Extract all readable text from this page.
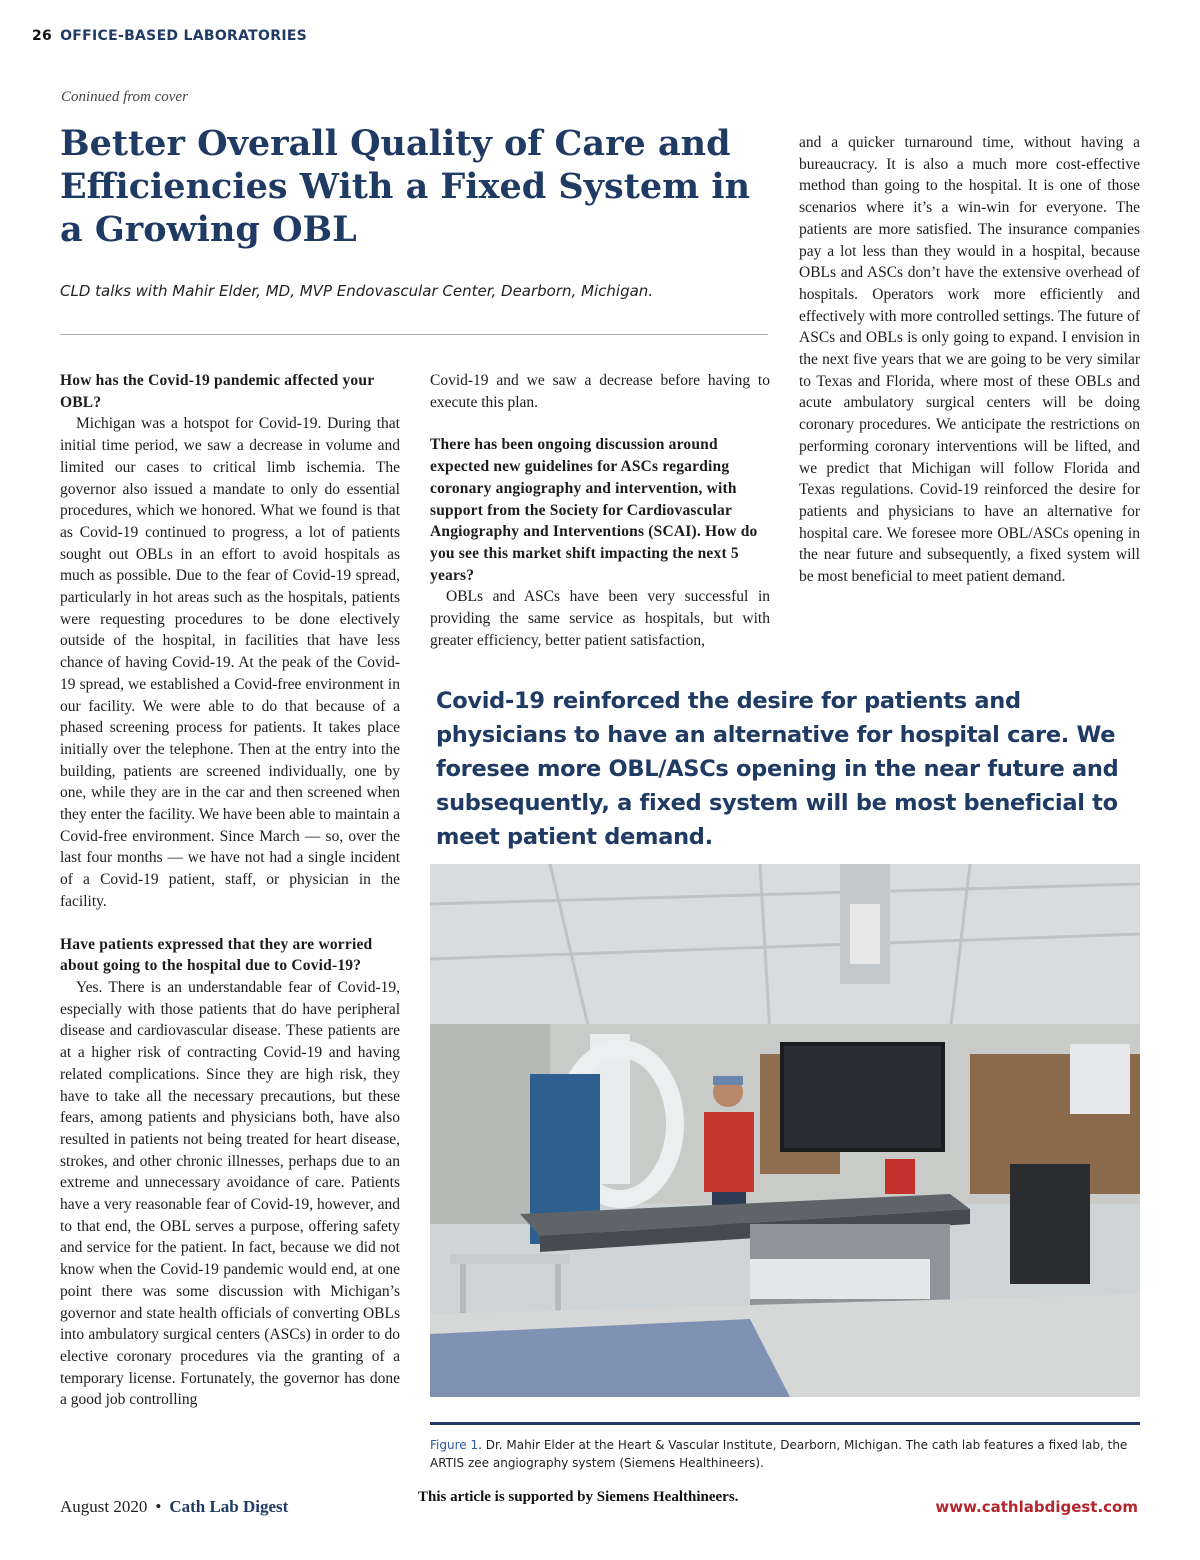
26 OFFICE-BASED LABORATORIES
Coninued from cover
Better Overall Quality of Care and Efficiencies With a Fixed System in a Growing OBL
CLD talks with Mahir Elder, MD, MVP Endovascular Center, Dearborn, Michigan.

How has the Covid-19 pandemic affected your OBL?

Michigan was a hotspot for Covid-19. During that initial time period, we saw a decrease in volume and limited our cases to critical limb ischemia. The governor also issued a mandate to only do essential procedures, which we honored. What we found is that as Covid-19 continued to progress, a lot of patients sought out OBLs in an effort to avoid hospitals as much as possible. Due to the fear of Covid-19 spread, particularly in hot areas such as the hospitals, patients were requesting procedures to be done electively outside of the hospital, in facilities that have less chance of having Covid-19. At the peak of the Covid-19 spread, we established a Covid-free environment in our facility. We were able to do that because of a phased screening process for patients. It takes place initially over the telephone. Then at the entry into the building, patients are screened individually, one by one, while they are in the car and then screened when they enter the facility. We have been able to maintain a Covid-free environment. Since March — so, over the last four months — we have not had a single incident of a Covid-19 patient, staff, or physician in the facility.

Have patients expressed that they are worried about going to the hospital due to Covid-19?

Yes. There is an understandable fear of Covid-19, especially with those patients that do have peripheral disease and cardiovascular disease. These patients are at a higher risk of contracting Covid-19 and having related complications. Since they are high risk, they have to take all the necessary precautions, but these fears, among patients and physicians both, have also resulted in patients not being treated for heart disease, strokes, and other chronic illnesses, perhaps due to an extreme and unnecessary avoidance of care. Patients have a very reasonable fear of Covid-19, however, and to that end, the OBL serves a purpose, offering safety and service for the patient. In fact, because we did not know when the Covid-19 pandemic would end, at one point there was some discussion with Michigan’s governor and state health officials of converting OBLs into ambulatory surgical centers (ASCs) in order to do elective coronary procedures via the granting of a temporary license. Fortunately, the governor has done a good job controlling

Covid-19 and we saw a decrease before having to execute this plan.

There has been ongoing discussion around expected new guidelines for ASCs regarding coronary angiography and intervention, with support from the Society for Cardiovascular Angiography and Interventions (SCAI). How do you see this market shift impacting the next 5 years?

OBLs and ASCs have been very successful in providing the same service as hospitals, but with greater efficiency, better patient satisfaction,

and a quicker turnaround time, without having a bureaucracy. It is also a much more cost-effective method than going to the hospital. It is one of those scenarios where it’s a win-win for everyone. The patients are more satisfied. The insurance companies pay a lot less than they would in a hospital, because OBLs and ASCs don’t have the extensive overhead of hospitals. Operators work more efficiently and effectively with more controlled settings. The future of ASCs and OBLs is only going to expand. I envision in the next five years that we are going to be very similar to Texas and Florida, where most of these OBLs and acute ambulatory surgical centers will be doing coronary procedures. We anticipate the restrictions on performing coronary interventions will be lifted, and we predict that Michigan will follow Florida and Texas regulations. Covid-19 reinforced the desire for patients and physicians to have an alternative for hospital care. We foresee more OBL/ASCs opening in the near future and subsequently, a fixed system will be most beneficial to meet patient demand.

Covid-19 reinforced the desire for patients and physicians to have an alternative for hospital care. We foresee more OBL/ASCs opening in the near future and subsequently, a fixed system will be most beneficial to meet patient demand.

Figure 1. Dr. Mahir Elder at the Heart & Vascular Institute, Dearborn, MIchigan. The cath lab features a fixed lab, the ARTIS zee angiography system (Siemens Healthineers).

August 2020 • Cath Lab Digest	This article is supported by Siemens Healthineers.
www.cathlabdigest.com
